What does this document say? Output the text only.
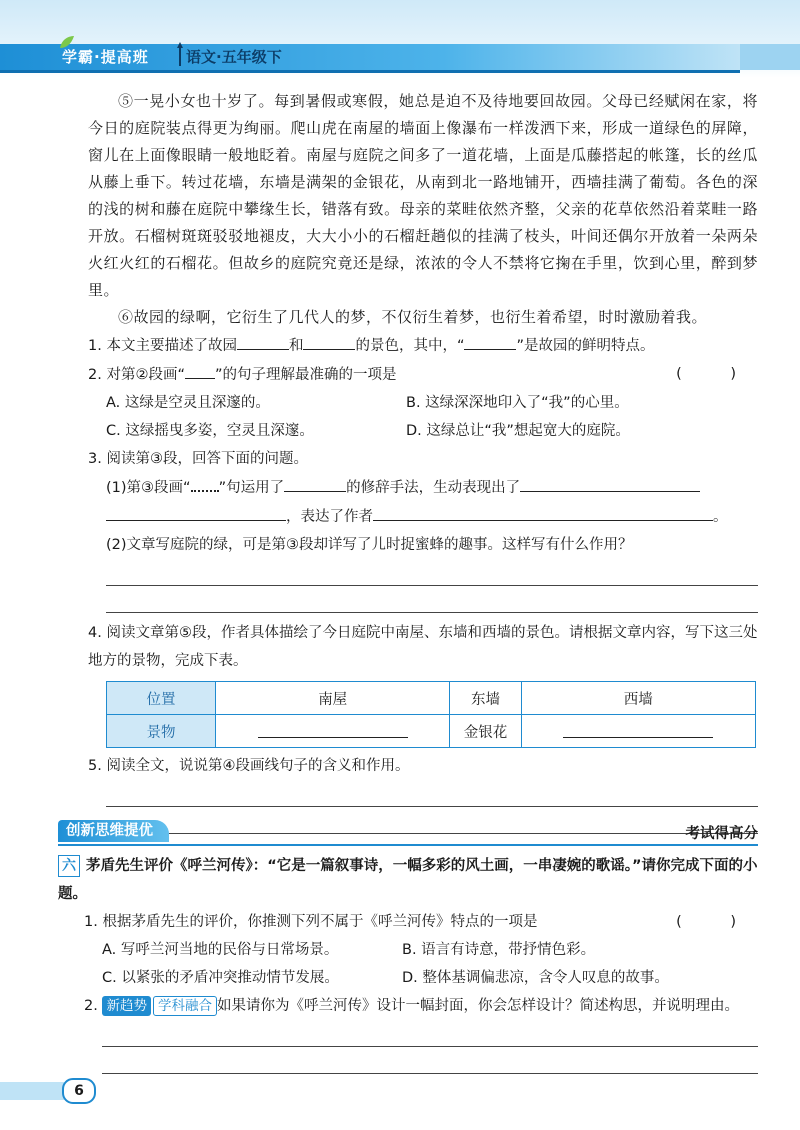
学霸·提高班 语文·五年级下

⑤一晃小女也十岁了。每到暑假或寒假，她总是迫不及待地要回故园。父母已经赋闲在家，将今日的庭院装点得更为绚丽。爬山虎在南屋的墙面上像瀑布一样泼洒下来，形成一道绿色的屏障，窗儿在上面像眼睛一般地眨着。南屋与庭院之间多了一道花墙，上面是瓜藤搭起的帐篷，长的丝瓜从藤上垂下。转过花墙，东墙是满架的金银花，从南到北一路地铺开，西墙挂满了葡萄。各色的深的浅的树和藤在庭院中攀缘生长，错落有致。母亲的菜畦依然齐整，父亲的花草依然沿着菜畦一路开放。石榴树斑斑驳驳地褪皮，大大小小的石榴赶趟似的挂满了枝头，叶间还偶尔开放着一朵两朵火红火红的石榴花。但故乡的庭院究竟还是绿，浓浓的令人不禁将它掬在手里，饮到心里，醉到梦里。

⑥故园的绿啊，它衍生了几代人的梦，不仅衍生着梦，也衍生着希望，时时激励着我。

1. 本文主要描述了故园	和	的景色，其中，“	”是故园的鲜明特点。

2. 对第②段画“ ”的句子理解最准确的一项是	( )

A. 这绿是空灵且深邃的。	B. 这绿深深地印入了“我”的心里。
C. 这绿摇曳多姿，空灵且深邃。	D. 这绿总让“我”想起宽大的庭院。

3. 阅读第③段，回答下面的问题。

(1)第③段画“ ”句运用了	的修辞手法，生动表现出了

，表达了作者	。

(2)文章写庭院的绿，可是第③段却详写了儿时捉蜜蜂的趣事。这样写有什么作用？

4. 阅读文章第⑤段，作者具体描绘了今日庭院中南屋、东墙和西墙的景色。请根据文章内容，写下这三处地方的景物，完成下表。

位置	南屋	东墙	西墙
景物		金银花	

5. 阅读全文，说说第④段画线句子的含义和作用。

创新思维提优	考试得高分

六 茅盾先生评价《呼兰河传》：“它是一篇叙事诗，一幅多彩的风土画，一串凄婉的歌谣。”请你完成下面的小题。

1. 根据茅盾先生的评价，你推测下列不属于《呼兰河传》特点的一项是	( )

A. 写呼兰河当地的民俗与日常场景。	B. 语言有诗意，带抒情色彩。
C. 以紧张的矛盾冲突推动情节发展。	D. 整体基调偏悲凉，含令人叹息的故事。

2. 新趋势 学科融合 如果请你为《呼兰河传》设计一幅封面，你会怎样设计？简述构思，并说明理由。

6
